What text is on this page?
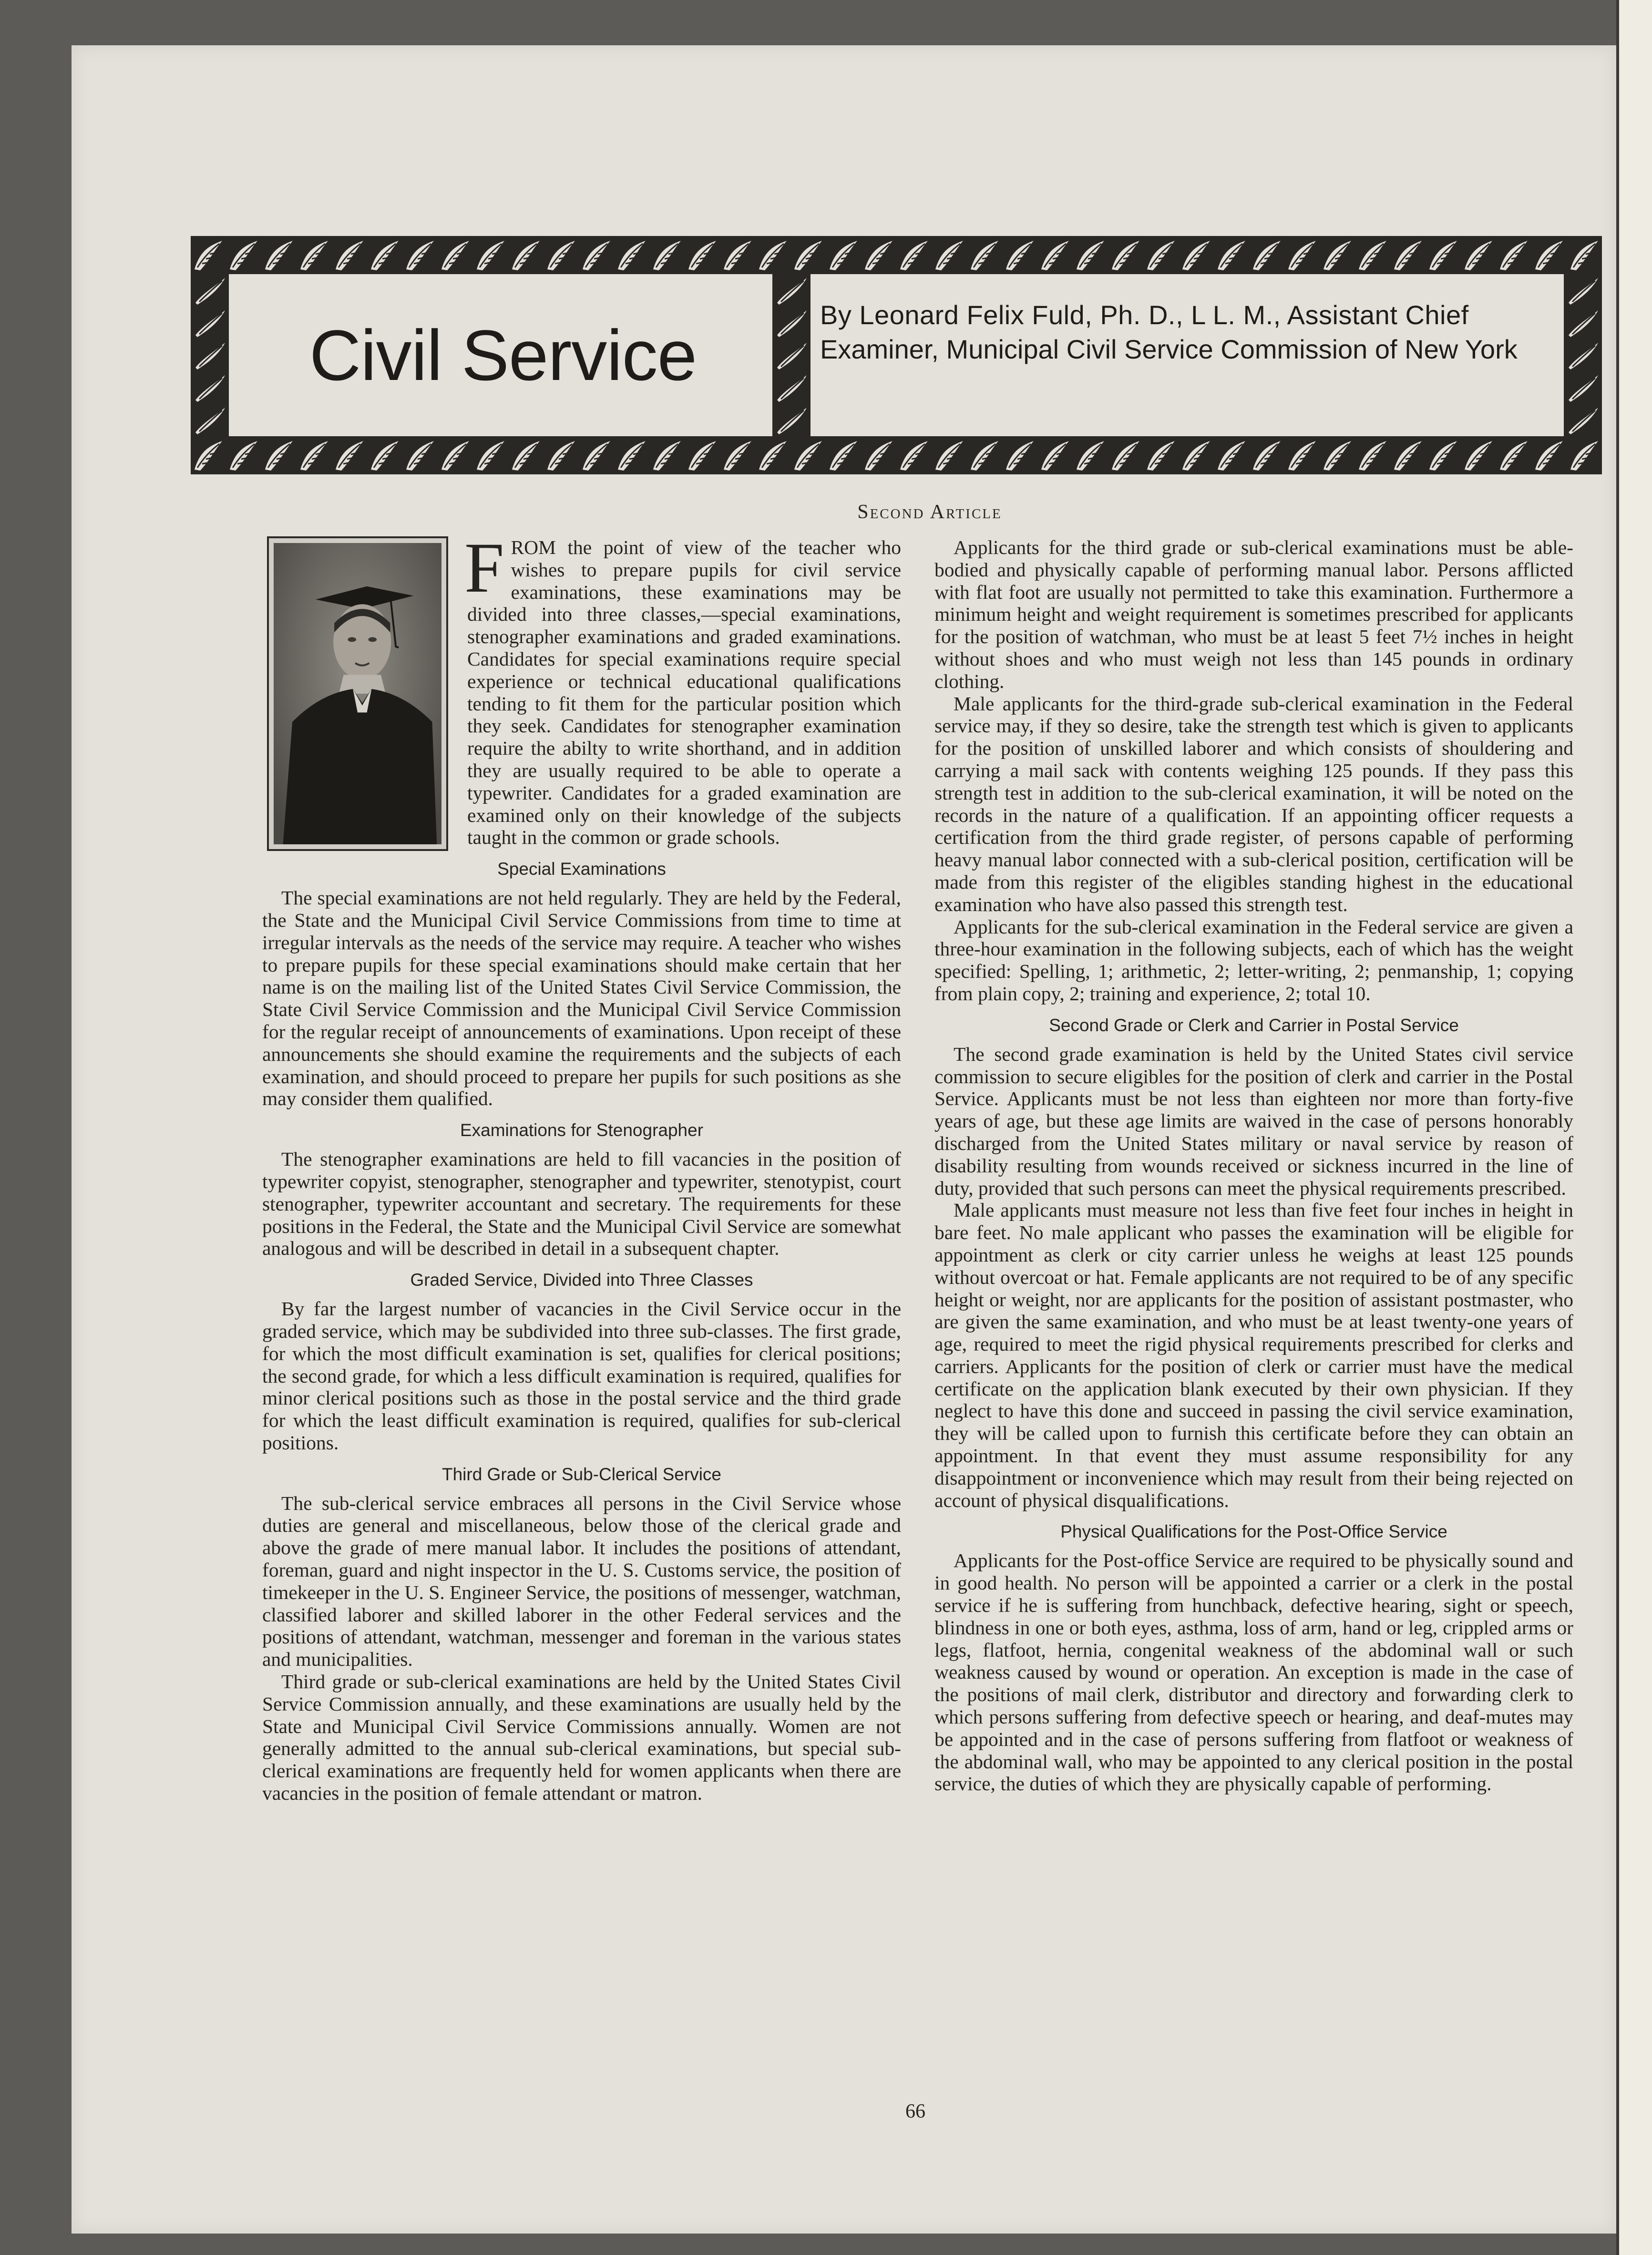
Civil Service	By Leonard Felix Fuld, Ph. D., L L. M., Assistant Chief
Examiner, Municipal Civil Service Commission of New York
Second Article

FROM the point of view of the teacher who wishes to prepare pupils for civil service examinations, these examinations may be divided into three classes,—special examinations, stenographer examinations and graded examinations. Candidates for special examinations require special experience or technical educational qualifications tending to fit them for the particular position which they seek. Candidates for stenographer examination require the abilty to write shorthand, and in addition they are usually required to be able to operate a typewriter. Candidates for a graded examination are examined only on their knowledge of the subjects taught in the common or grade schools.

Special Examinations

The special examinations are not held regularly. They are held by the Federal, the State and the Municipal Civil Service Commissions from time to time at irregular intervals as the needs of the service may require. A teacher who wishes to prepare pupils for these special examinations should make certain that her name is on the mailing list of the United States Civil Service Commission, the State Civil Service Commission and the Municipal Civil Service Commission for the regular receipt of announcements of examinations. Upon receipt of these announcements she should examine the requirements and the subjects of each examination, and should proceed to prepare her pupils for such positions as she may consider them qualified.

Examinations for Stenographer

The stenographer examinations are held to fill vacancies in the position of typewriter copyist, stenographer, stenographer and typewriter, stenotypist, court stenographer, typewriter accountant and secretary. The requirements for these positions in the Federal, the State and the Municipal Civil Service are somewhat analogous and will be described in detail in a subsequent chapter.

Graded Service, Divided into Three Classes

By far the largest number of vacancies in the Civil Service occur in the graded service, which may be subdivided into three sub-classes. The first grade, for which the most difficult examination is set, qualifies for clerical positions; the second grade, for which a less difficult examination is required, qualifies for minor clerical positions such as those in the postal service and the third grade for which the least difficult examination is required, qualifies for sub-clerical positions.

Third Grade or Sub-Clerical Service

The sub-clerical service embraces all persons in the Civil Service whose duties are general and miscellaneous, below those of the clerical grade and above the grade of mere manual labor. It includes the positions of attendant, foreman, guard and night inspector in the U. S. Customs service, the position of timekeeper in the U. S. Engineer Service, the positions of messenger, watchman, classified laborer and skilled laborer in the other Federal services and the positions of attendant, watchman, messenger and foreman in the various states and municipalities.

Third grade or sub-clerical examinations are held by the United States Civil Service Commission annually, and these examinations are usually held by the State and Municipal Civil Service Commissions annually. Women are not generally admitted to the annual sub-clerical examinations, but special sub-clerical examinations are frequently held for women applicants when there are vacancies in the position of female attendant or matron.

Applicants for the third grade or sub-clerical examinations must be able-bodied and physically capable of performing manual labor. Persons afflicted with flat foot are usually not permitted to take this examination. Furthermore a minimum height and weight requirement is sometimes prescribed for applicants for the position of watchman, who must be at least 5 feet 7½ inches in height without shoes and who must weigh not less than 145 pounds in ordinary clothing.

Male applicants for the third-grade sub-clerical examination in the Federal service may, if they so desire, take the strength test which is given to applicants for the position of unskilled laborer and which consists of shouldering and carrying a mail sack with contents weighing 125 pounds. If they pass this strength test in addition to the sub-clerical examination, it will be noted on the records in the nature of a qualification. If an appointing officer requests a certification from the third grade register, of persons capable of performing heavy manual labor connected with a sub-clerical position, certification will be made from this register of the eligibles standing highest in the educational examination who have also passed this strength test.

Applicants for the sub-clerical examination in the Federal service are given a three-hour examination in the following subjects, each of which has the weight specified: Spelling, 1; arithmetic, 2; letter-writing, 2; penmanship, 1; copying from plain copy, 2; training and experience, 2; total 10.

Second Grade or Clerk and Carrier in Postal Service

The second grade examination is held by the United States civil service commission to secure eligibles for the position of clerk and carrier in the Postal Service. Applicants must be not less than eighteen nor more than forty-five years of age, but these age limits are waived in the case of persons honorably discharged from the United States military or naval service by reason of disability resulting from wounds received or sickness incurred in the line of duty, provided that such persons can meet the physical requirements prescribed.

Male applicants must measure not less than five feet four inches in height in bare feet. No male applicant who passes the examination will be eligible for appointment as clerk or city carrier unless he weighs at least 125 pounds without overcoat or hat. Female applicants are not required to be of any specific height or weight, nor are applicants for the position of assistant postmaster, who are given the same examination, and who must be at least twenty-one years of age, required to meet the rigid physical requirements prescribed for clerks and carriers. Applicants for the position of clerk or carrier must have the medical certificate on the application blank executed by their own physician. If they neglect to have this done and succeed in passing the civil service examination, they will be called upon to furnish this certificate before they can obtain an appointment. In that event they must assume responsibility for any disappointment or inconvenience which may result from their being rejected on account of physical disqualifications.

Physical Qualifications for the Post-Office Service

Applicants for the Post-office Service are required to be physically sound and in good health. No person will be appointed a carrier or a clerk in the postal service if he is suffering from hunchback, defective hearing, sight or speech, blindness in one or both eyes, asthma, loss of arm, hand or leg, crippled arms or legs, flatfoot, hernia, congenital weakness of the abdominal wall or such weakness caused by wound or operation. An exception is made in the case of the positions of mail clerk, distributor and directory and forwarding clerk to which persons suffering from defective speech or hearing, and deaf-mutes may be appointed and in the case of persons suffering from flatfoot or weakness of the abdominal wall, who may be appointed to any clerical position in the postal service, the duties of which they are physically capable of performing.

66
